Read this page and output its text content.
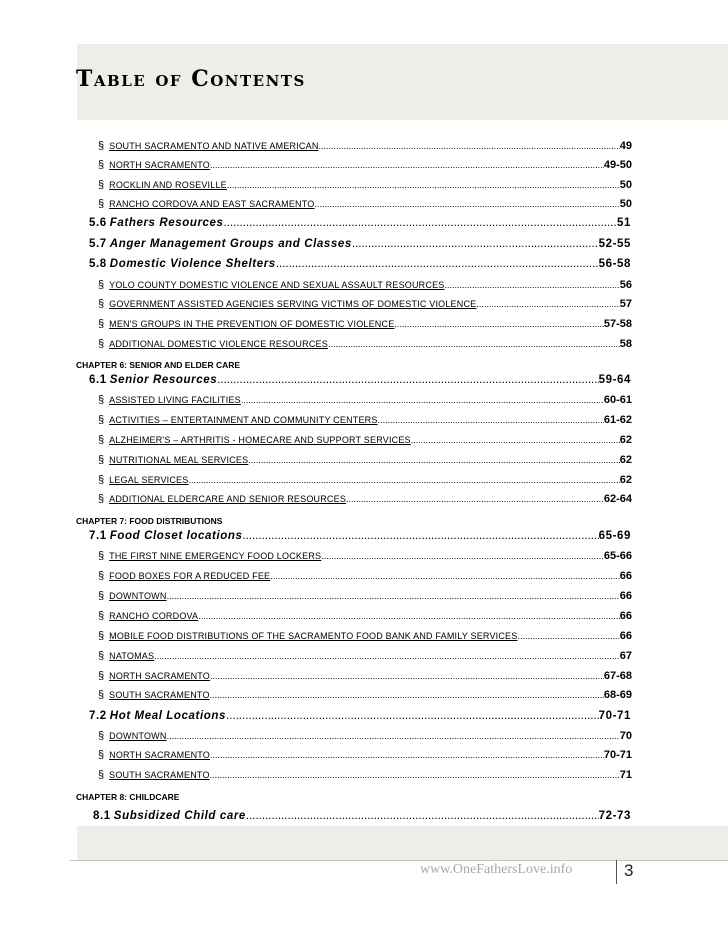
Table of Contents
§ SOUTH SACRAMENTO AND NATIVE AMERICAN .....	49
§ NORTH SACRAMENTO .....	49-50
§ ROCKLIN AND ROSEVILLE .....	50
§ RANCHO CORDOVA AND EAST SACRAMENTO .....	50
5.6 Fathers Resources .....	51
5.7 Anger Management Groups and Classes .....	52-55
5.8 Domestic Violence Shelters .....	56-58
§ YOLO COUNTY DOMESTIC VIOLENCE AND SEXUAL ASSAULT RESOURCES .....	56
§ GOVERNMENT ASSISTED AGENCIES SERVING VICTIMS OF DOMESTIC VIOLENCE .....	57
§ MEN'S GROUPS IN THE PREVENTION OF DOMESTIC VIOLENCE .....	57-58
§ ADDITIONAL DOMESTIC VIOLENCE RESOURCES .....	58
CHAPTER 6: SENIOR AND ELDER CARE
6.1 Senior Resources .....	59-64
§ ASSISTED LIVING FACILITIES .....	60-61
§ ACTIVITIES – ENTERTAINMENT AND COMMUNITY CENTERS .....	61-62
§ ALZHEIMER'S – ARTHRITIS - HOMECARE AND SUPPORT SERVICES .....	62
§ NUTRITIONAL MEAL SERVICES .....	62
§ LEGAL SERVICES .....	62
§ ADDITIONAL ELDERCARE AND SENIOR RESOURCES .....	62-64
CHAPTER 7: FOOD DISTRIBUTIONS
7.1 Food Closet locations .....	65-69
§ THE FIRST NINE EMERGENCY FOOD LOCKERS .....	65-66
§ FOOD BOXES FOR A REDUCED FEE .....	66
§ DOWNTOWN .....	66
§ RANCHO CORDOVA .....	66
§ MOBILE FOOD DISTRIBUTIONS OF THE SACRAMENTO FOOD BANK AND FAMILY SERVICES .....	66
§ NATOMAS .....	67
§ NORTH SACRAMENTO .....	67-68
§ SOUTH SACRAMENTO .....	68-69
7.2 Hot Meal Locations .....	70-71
§ DOWNTOWN .....	70
§ NORTH SACRAMENTO .....	70-71
§ SOUTH SACRAMENTO .....	71
CHAPTER 8: CHILDCARE
8.1 Subsidized Child care .....	72-73
www.OneFathersLove.info	3
